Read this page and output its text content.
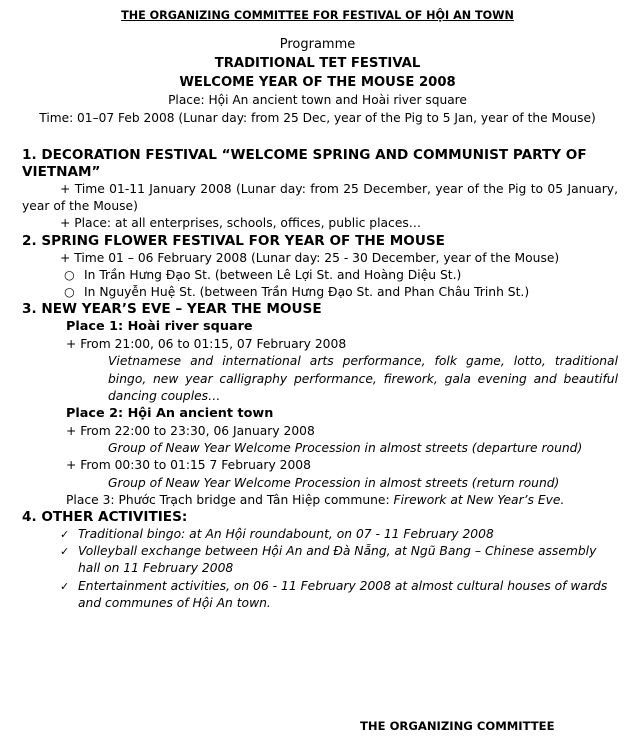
THE ORGANIZING COMMITTEE FOR FESTIVAL OF HỘI AN TOWN
Programme
TRADITIONAL TET FESTIVAL
WELCOME YEAR OF THE MOUSE 2008
Place: Hội An ancient town and Hoài river square
Time: 01–07 Feb 2008 (Lunar day: from 25 Dec, year of the Pig to 5 Jan, year of the Mouse)
1. DECORATION FESTIVAL “WELCOME SPRING AND COMMUNIST PARTY OF VIETNAM”
+ Time 01-11 January 2008 (Lunar day: from 25 December, year of the Pig to 05 January, year of the Mouse)
+ Place: at all enterprises, schools, offices, public places…
2. SPRING FLOWER FESTIVAL FOR YEAR OF THE MOUSE
+ Time 01 – 06 February 2008 (Lunar day: 25 - 30 December, year of the Mouse)
○ In Trần Hưng Đạo St. (between Lê Lợi St. and Hoàng Diệu St.)
○ In Nguyễn Huệ St. (between Trần Hưng Đạo St. and Phan Châu Trinh St.)
3. NEW YEAR’S EVE – YEAR THE MOUSE
Place 1: Hoài river square
+ From 21:00, 06 to 01:15, 07 February 2008
Vietnamese and international arts performance, folk game, lotto, traditional bingo, new year calligraphy performance, firework, gala evening and beautiful dancing couples…
Place 2: Hội An ancient town
+ From 22:00 to 23:30, 06 January 2008
Group of Neaw Year Welcome Procession in almost streets (departure round)
+ From 00:30 to 01:15 7 February 2008
Group of Neaw Year Welcome Procession in almost streets (return round)
Place 3: Phước Trạch bridge and Tân Hiệp commune: Firework at New Year’s Eve.
4. OTHER ACTIVITIES:
✓ Traditional bingo: at An Hội roundabount, on 07 - 11 February 2008
✓ Volleyball exchange between Hội An and Đà Nẵng, at Ngũ Bang – Chinese assembly hall on 11 February 2008
✓ Entertainment activities, on 06 - 11 February 2008 at almost cultural houses of wards and communes of Hội An town.
THE ORGANIZING COMMITTEE
